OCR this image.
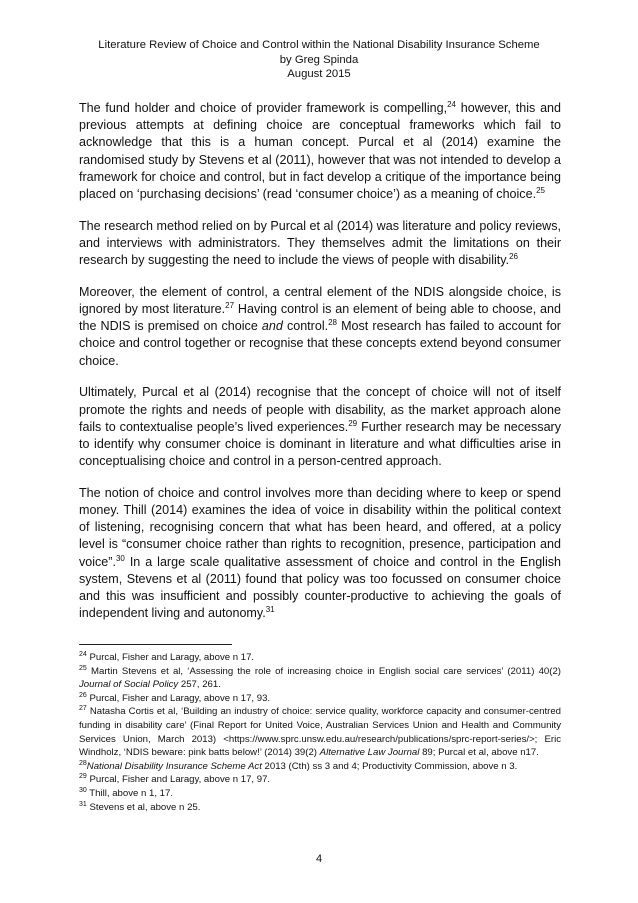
Literature Review of Choice and Control within the National Disability Insurance Scheme
by Greg Spinda
August 2015

The fund holder and choice of provider framework is compelling,$^{24}$ however, this and previous attempts at defining choice are conceptual frameworks which fail to acknowledge that this is a human concept. Purcal et al (2014) examine the randomised study by Stevens et al (2011), however that was not intended to develop a framework for choice and control, but in fact develop a critique of the importance being placed on ‘purchasing decisions’ (read ‘consumer choice’) as a meaning of choice.$^{25}$

The research method relied on by Purcal et al (2014) was literature and policy reviews, and interviews with administrators. They themselves admit the limitations on their research by suggesting the need to include the views of people with disability.$^{26}$

Moreover, the element of control, a central element of the NDIS alongside choice, is ignored by most literature.$^{27}$ Having control is an element of being able to choose, and the NDIS is premised on choice and control.$^{28}$ Most research has failed to account for choice and control together or recognise that these concepts extend beyond consumer choice.

Ultimately, Purcal et al (2014) recognise that the concept of choice will not of itself promote the rights and needs of people with disability, as the market approach alone fails to contextualise people’s lived experiences.$^{29}$ Further research may be necessary to identify why consumer choice is dominant in literature and what difficulties arise in conceptualising choice and control in a person-centred approach.

The notion of choice and control involves more than deciding where to keep or spend money. Thill (2014) examines the idea of voice in disability within the political context of listening, recognising concern that what has been heard, and offered, at a policy level is “consumer choice rather than rights to recognition, presence, participation and voice”.$^{30}$ In a large scale qualitative assessment of choice and control in the English system, Stevens et al (2011) found that policy was too focussed on consumer choice and this was insufficient and possibly counter-productive to achieving the goals of independent living and autonomy.$^{31}$

$^{24}$ Purcal, Fisher and Laragy, above n 17.

$^{25}$ Martin Stevens et al, ‘Assessing the role of increasing choice in English social care services’ (2011) 40(2) Journal of Social Policy 257, 261.

$^{26}$ Purcal, Fisher and Laragy, above n 17, 93.

$^{27}$ Natasha Cortis et al, ‘Building an industry of choice: service quality, workforce capacity and consumer-centred funding in disability care’ (Final Report for United Voice, Australian Services Union and Health and Community Services Union, March 2013) <https://www.sprc.unsw.edu.au/research/publications/sprc-report-series/>; Eric Windholz, ‘NDIS beware: pink batts below!’ (2014) 39(2) Alternative Law Journal 89; Purcal et al, above n17.

$^{28}$National Disability Insurance Scheme Act 2013 (Cth) ss 3 and 4; Productivity Commission, above n 3.

$^{29}$ Purcal, Fisher and Laragy, above n 17, 97.

$^{30}$ Thill, above n 1, 17.

$^{31}$ Stevens et al, above n 25.

4
